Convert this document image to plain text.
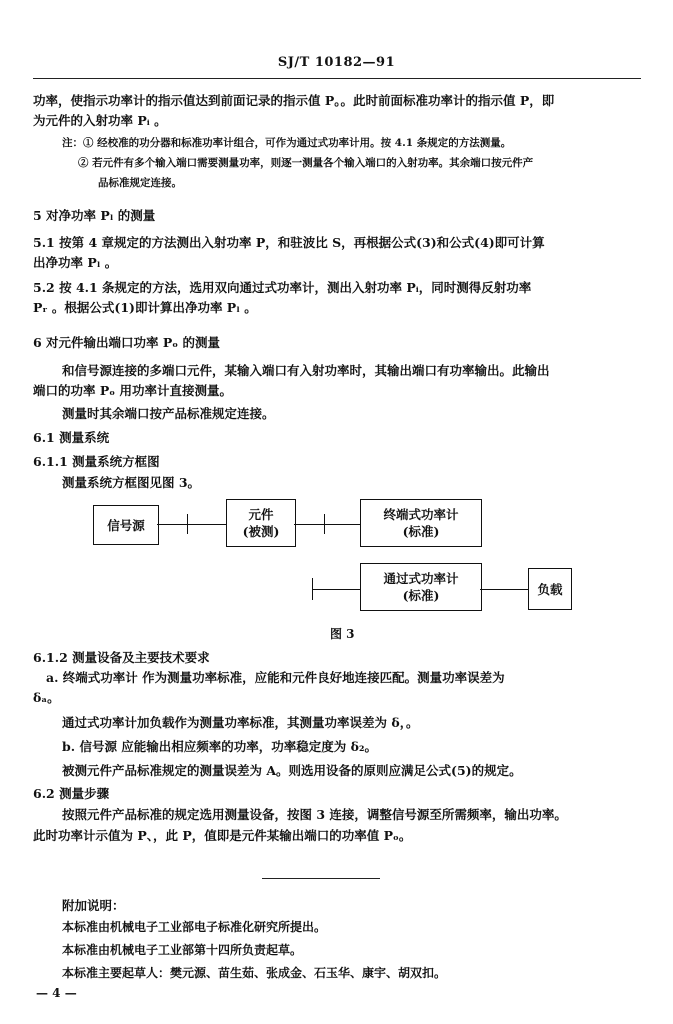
SJ/T 10182—91
功率，使指示功率计的指示值达到前面记录的指示值 P。。此时前面标准功率计的指示值 P，即
为元件的入射功率 Pᵢ 。
注：① 经校准的功分器和标准功率计组合，可作为通过式功率计用。按 4.1 条规定的方法测量。
② 若元件有多个输入端口需要测量功率，则逐一测量各个输入端口的入射功率。其余端口按元件产
品标准规定连接。
5 对净功率 Pₗ 的测量
5.1 按第 4 章规定的方法测出入射功率 P，和驻波比 S，再根据公式(3)和公式(4)即可计算
出净功率 Pₗ 。
5.2 按 4.1 条规定的方法，选用双向通过式功率计，测出入射功率 Pᵢ，同时测得反射功率
Pᵣ 。根据公式(1)即计算出净功率 Pₗ 。
6 对元件输出端口功率 Pₒ 的测量
和信号源连接的多端口元件，某输入端口有入射功率时，其输出端口有功率输出。此输出
端口的功率 Pₒ 用功率计直接测量。
测量时其余端口按产品标准规定连接。
6.1 测量系统
6.1.1 测量系统方框图
测量系统方框图见图 3。
信号源
元件
(被测)
终端式功率计
(标准)
通过式功率计
(标准)	负载
图 3
6.1.2 测量设备及主要技术要求
a. 终端式功率计 作为测量功率标准，应能和元件良好地连接匹配。测量功率误差为
δₐ。
通过式功率计加负载作为测量功率标准，其测量功率误差为 δ，。
b. 信号源 应能输出相应频率的功率，功率稳定度为 δ₂。
被测元件产品标准规定的测量误差为 A。则选用设备的原则应满足公式(5)的规定。
6.2 测量步骤
按照元件产品标准的规定选用测量设备，按图 3 连接，调整信号源至所需频率，输出功率。
此时功率计示值为 P、，此 P，值即是元件某输出端口的功率值 Pₒ。
附加说明：
本标准由机械电子工业部电子标准化研究所提出。
本标准由机械电子工业部第十四所负责起草。
本标准主要起草人：樊元源、苗生茹、张成金、石玉华、康宇、胡双扣。
— 4 —
